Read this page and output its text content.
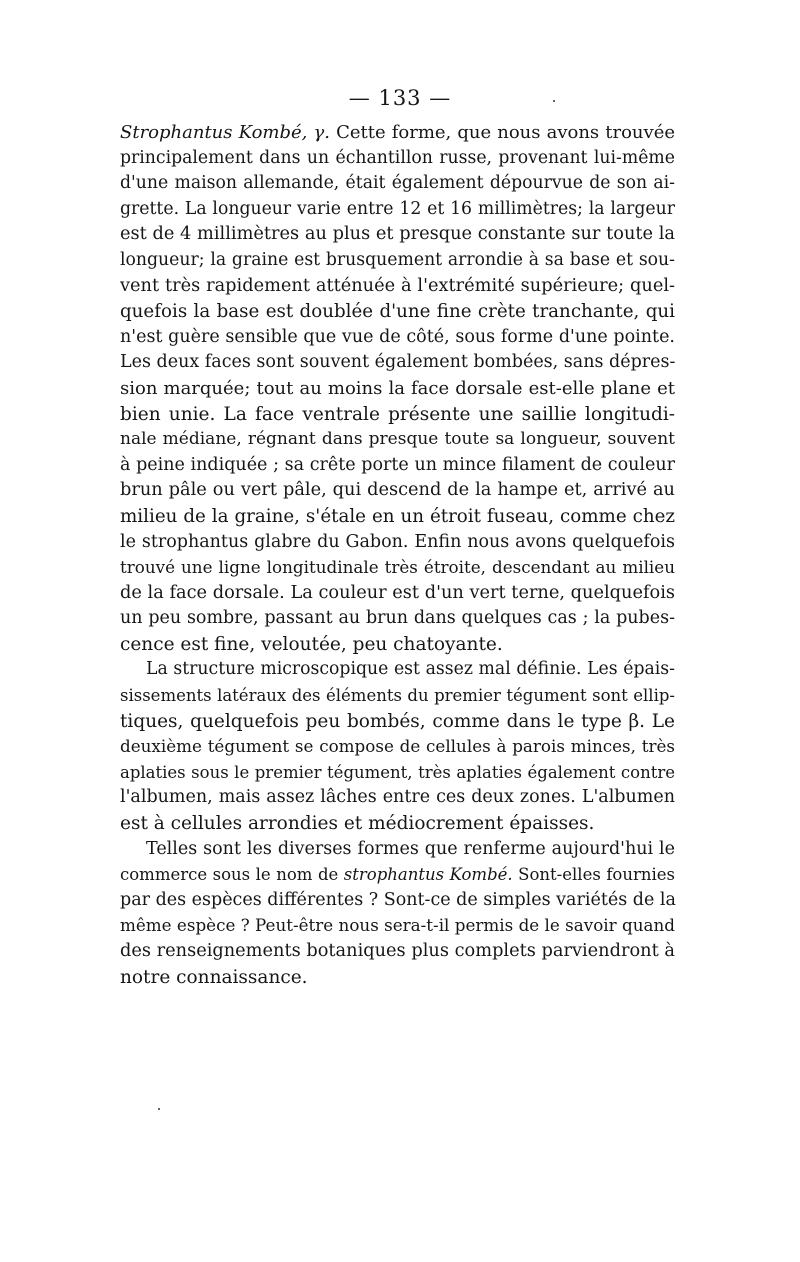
— 133 —
Strophantus Kombé, γ. Cette forme, que nous avons trouvée
principalement dans un échantillon russe, provenant lui-même
d'une maison allemande, était également dépourvue de son ai-
grette. La longueur varie entre 12 et 16 millimètres; la largeur
est de 4 millimètres au plus et presque constante sur toute la
longueur; la graine est brusquement arrondie à sa base et sou-
vent très rapidement atténuée à l'extrémité supérieure; quel-
quefois la base est doublée d'une fine crète tranchante, qui
n'est guère sensible que vue de côté, sous forme d'une pointe.
Les deux faces sont souvent également bombées, sans dépres-
sion marquée; tout au moins la face dorsale est-elle plane et
bien unie. La face ventrale présente une saillie longitudi-
nale médiane, régnant dans presque toute sa longueur, souvent
à peine indiquée ; sa crête porte un mince filament de couleur
brun pâle ou vert pâle, qui descend de la hampe et, arrivé au
milieu de la graine, s'étale en un étroit fuseau, comme chez
le strophantus glabre du Gabon. Enfin nous avons quelquefois
trouvé une ligne longitudinale très étroite, descendant au milieu
de la face dorsale. La couleur est d'un vert terne, quelquefois
un peu sombre, passant au brun dans quelques cas ; la pubes-
cence est fine, veloutée, peu chatoyante.
La structure microscopique est assez mal définie. Les épais-
sissements latéraux des éléments du premier tégument sont ellip-
tiques, quelquefois peu bombés, comme dans le type β. Le
deuxième tégument se compose de cellules à parois minces, très
aplaties sous le premier tégument, très aplaties également contre
l'albumen, mais assez lâches entre ces deux zones. L'albumen
est à cellules arrondies et médiocrement épaisses.
Telles sont les diverses formes que renferme aujourd'hui le
commerce sous le nom de strophantus Kombé. Sont-elles fournies
par des espèces différentes ? Sont-ce de simples variétés de la
même espèce ? Peut-être nous sera-t-il permis de le savoir quand
des renseignements botaniques plus complets parviendront à
notre connaissance.
